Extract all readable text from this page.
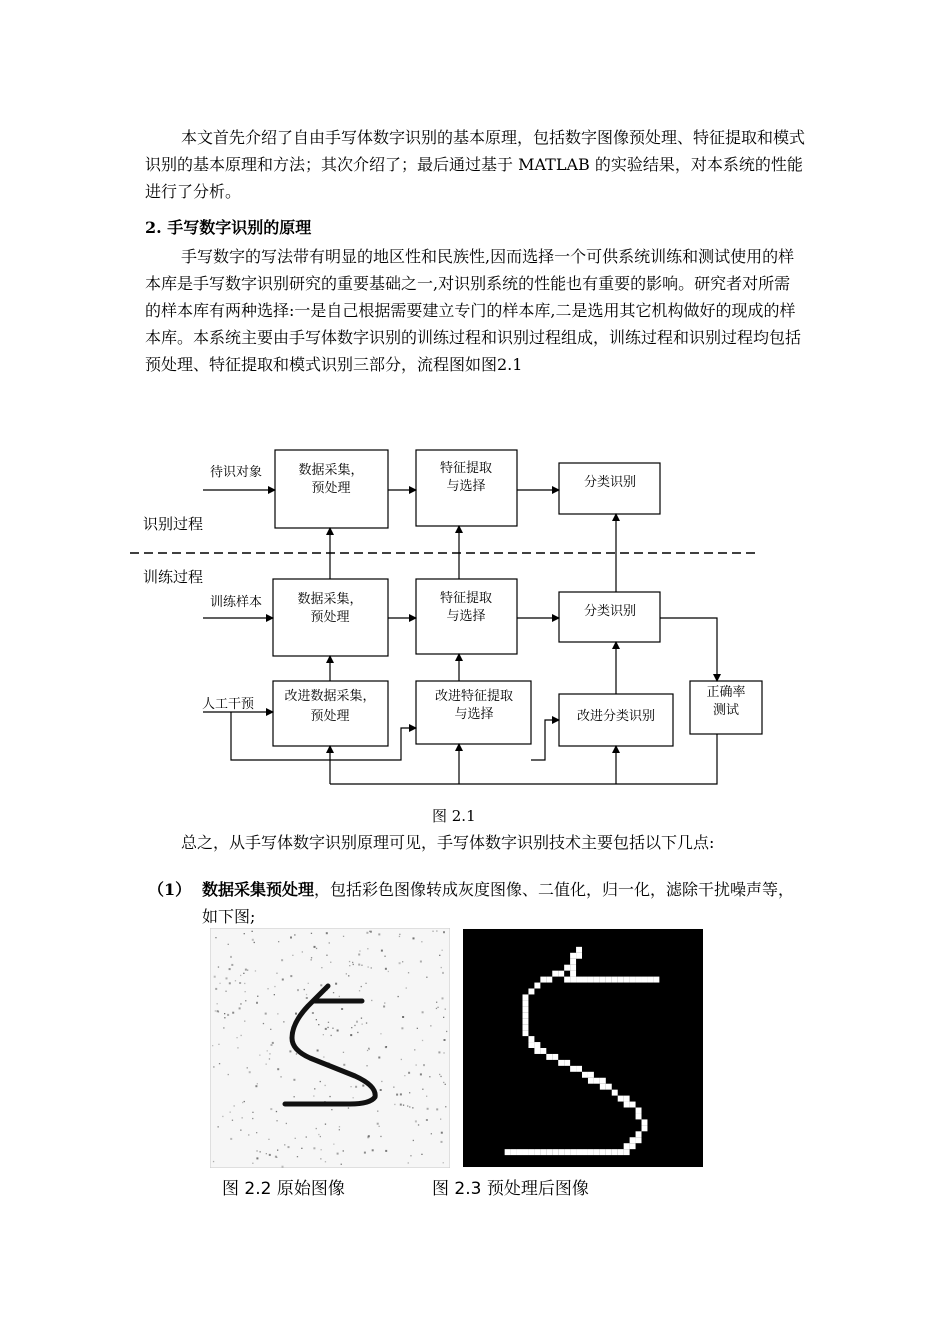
本文首先介绍了自由手写体数字识别的基本原理，包括数字图像预处理、特征提取和模式识别的基本原理和方法；其次介绍了；最后通过基于 MATLAB 的实验结果，对本系统的性能进行了分析。

2. 手写数字识别的原理

手写数字的写法带有明显的地区性和民族性,因而选择一个可供系统训练和测试使用的样本库是手写数字识别研究的重要基础之一,对识别系统的性能也有重要的影响。研究者对所需的样本库有两种选择:一是自己根据需要建立专门的样本库,二是选用其它机构做好的现成的样本库。本系统主要由手写体数字识别的训练过程和识别过程组成，训练过程和识别过程均包括预处理、特征提取和模式识别三部分，流程图如图2.1

待识对象
识别过程
训练过程
训练样本
人工干预
数据采集，
预处理
特征提取
与选择	分类识别
数据采集，
预处理
特征提取
与选择	分类识别
改进数据采集，
预处理
改进特征提取
与选择	改进分类识别
正确率
测试
图 2.1

总之，从手写体数字识别原理可见，手写体数字识别技术主要包括以下几点:

（1） 数据采集预处理，包括彩色图像转成灰度图像、二值化，归一化，滤除干扰噪声等，如下图;

图 2.2 原始图像	图 2.3 预处理后图像
